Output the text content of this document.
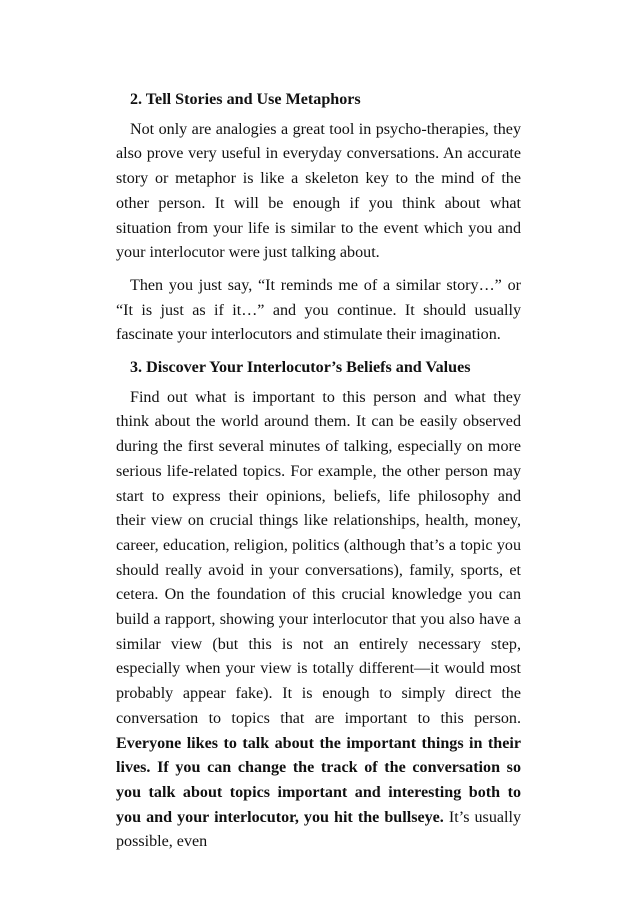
2. Tell Stories and Use Metaphors

Not only are analogies a great tool in psycho-therapies, they also prove very useful in everyday conversations. An accurate story or metaphor is like a skeleton key to the mind of the other person. It will be enough if you think about what situation from your life is similar to the event which you and your interlocutor were just talking about.

Then you just say, “It reminds me of a similar story…” or “It is just as if it…” and you continue. It should usually fascinate your interlocutors and stimulate their imagination.

3. Discover Your Interlocutor’s Beliefs and Values

Find out what is important to this person and what they think about the world around them. It can be easily observed during the first several minutes of talking, especially on more serious life-related topics. For example, the other person may start to express their opinions, beliefs, life philosophy and their view on crucial things like relationships, health, money, career, education, religion, politics (although that’s a topic you should really avoid in your conversations), family, sports, et cetera. On the foundation of this crucial knowledge you can build a rapport, showing your interlocutor that you also have a similar view (but this is not an entirely necessary step, especially when your view is totally different—it would most probably appear fake). It is enough to simply direct the conversation to topics that are important to this person. Everyone likes to talk about the important things in their lives. If you can change the track of the conversation so you talk about topics important and interesting both to you and your interlocutor, you hit the bullseye. It’s usually possible, even
